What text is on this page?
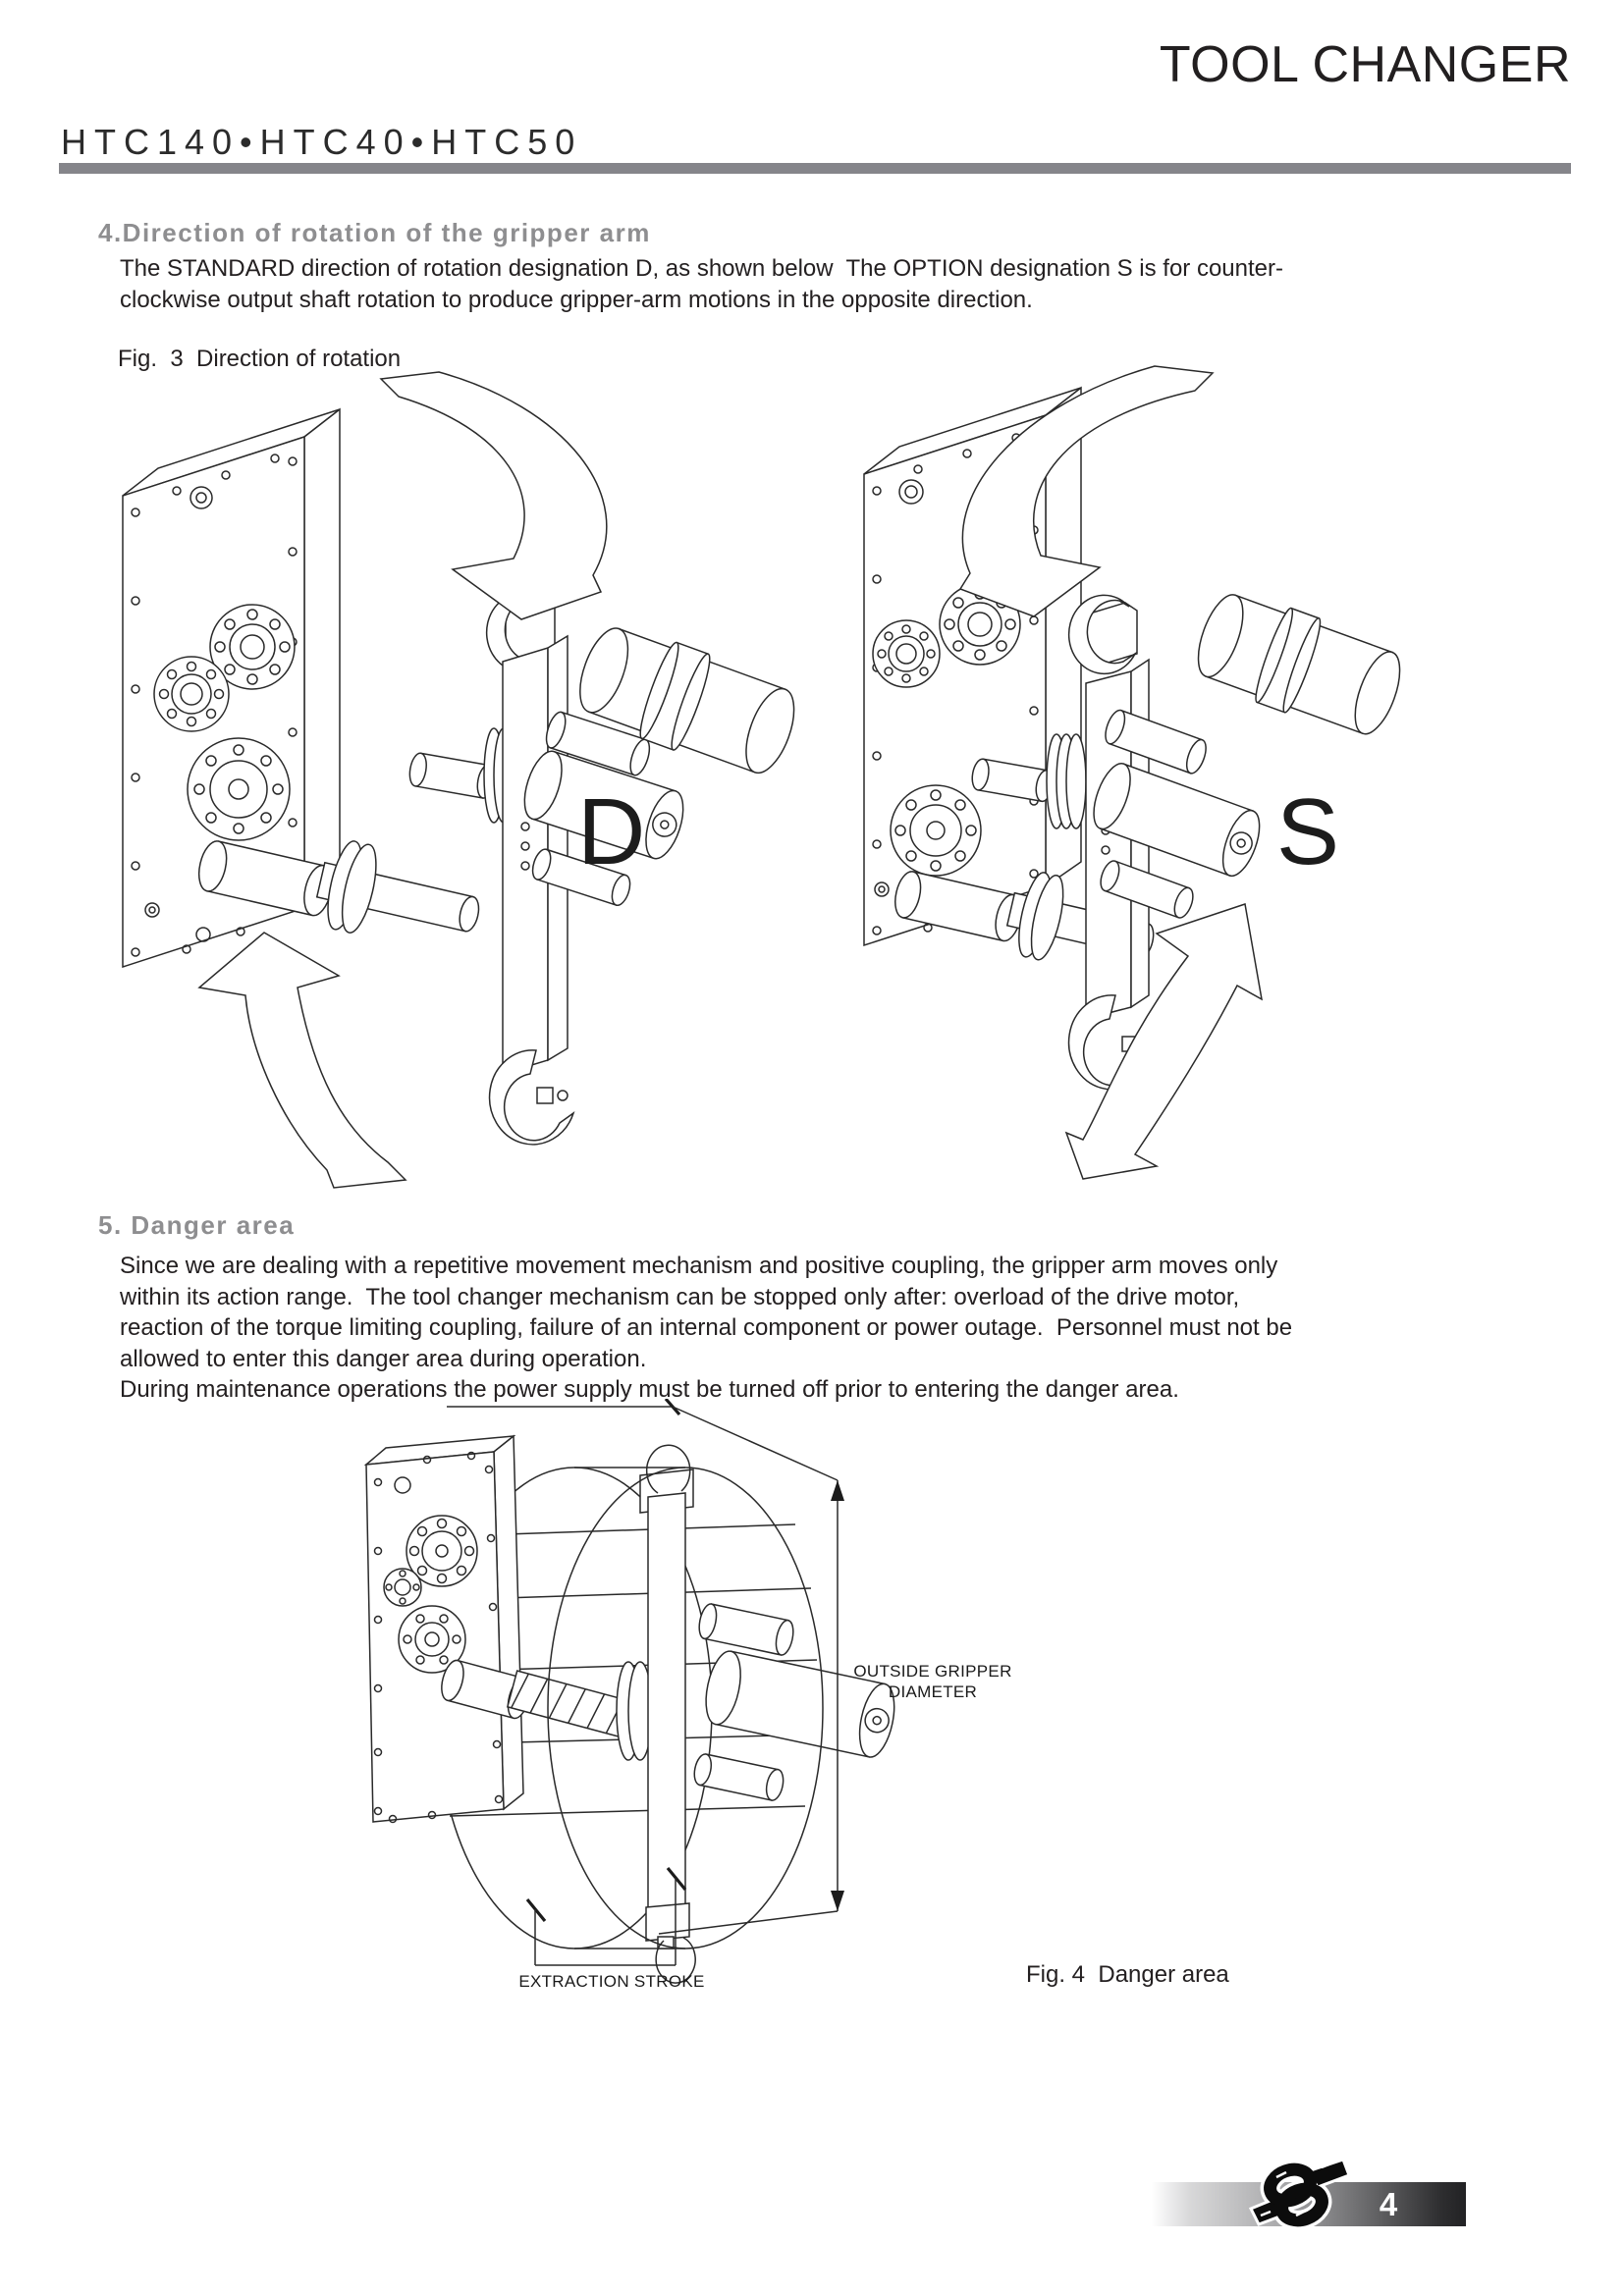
TOOL CHANGER
HTC140•HTC40•HTC50
4.Direction of rotation of the gripper arm
The STANDARD direction of rotation designation D, as shown below  The OPTION designation S is for counter-
clockwise output shaft rotation to produce gripper-arm motions in the opposite direction.
Fig.  3  Direction of rotation
D	S
5. Danger area
Since we are dealing with a repetitive movement mechanism and positive coupling, the gripper arm moves only
within its action range.  The tool changer mechanism can be stopped only after: overload of the drive motor,
reaction of the torque limiting coupling, failure of an internal component or power outage.  Personnel must not be
allowed to enter this danger area during operation.
During maintenance operations the power supply must be turned off prior to entering the danger area.
OUTSIDE GRIPPER
DIAMETER
EXTRACTION STROKE	Fig. 4  Danger area
4
